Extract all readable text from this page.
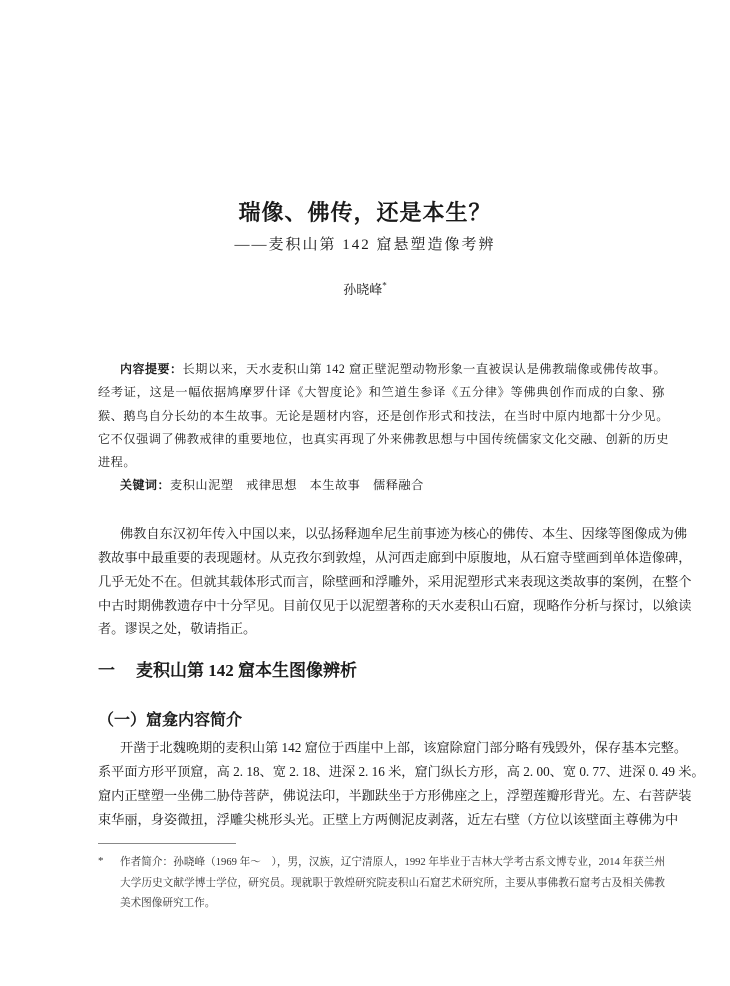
瑞像、佛传，还是本生？
——麦积山第 142 窟悬塑造像考辨
孙晓峰*
内容提要：长期以来，天水麦积山第 142 窟正壁泥塑动物形象一直被误认是佛教瑞像或佛传故事。
经考证，这是一幅依据鸠摩罗什译《大智度论》和竺道生参译《五分律》等佛典创作而成的白象、猕
猴、鹅鸟自分长幼的本生故事。无论是题材内容，还是创作形式和技法，在当时中原内地都十分少见。
它不仅强调了佛教戒律的重要地位，也真实再现了外来佛教思想与中国传统儒家文化交融、创新的历史
进程。
关键词：麦积山泥塑　戒律思想　本生故事　儒释融合
佛教自东汉初年传入中国以来，以弘扬释迦牟尼生前事迹为核心的佛传、本生、因缘等图像成为佛
教故事中最重要的表现题材。从克孜尔到敦煌，从河西走廊到中原腹地，从石窟寺壁画到单体造像碑，
几乎无处不在。但就其载体形式而言，除壁画和浮雕外，采用泥塑形式来表现这类故事的案例，在整个
中古时期佛教遗存中十分罕见。目前仅见于以泥塑著称的天水麦积山石窟，现略作分析与探讨，以飨读
者。谬误之处，敬请指正。
一 麦积山第 142 窟本生图像辨析
（一）窟龛内容简介
开凿于北魏晚期的麦积山第 142 窟位于西崖中上部，该窟除窟门部分略有残毁外，保存基本完整。
系平面方形平顶窟，高 2. 18、宽 2. 18、进深 2. 16 米，窟门纵长方形，高 2. 00、宽 0. 77、进深 0. 49 米。
窟内正壁塑一坐佛二胁侍菩萨，佛说法印，半跏趺坐于方形佛座之上，浮塑莲瓣形背光。左、右菩萨装
束华丽，身姿微扭，浮雕尖桃形头光。正壁上方两侧泥皮剥落，近左右壁（方位以该壁面主尊佛为中
* 作者简介：孙晓峰（1969 年～　），男，汉族，辽宁清原人，1992 年毕业于吉林大学考古系文博专业，2014 年获兰州
大学历史文献学博士学位，研究员。现就职于敦煌研究院麦积山石窟艺术研究所，主要从事佛教石窟考古及相关佛教
美术图像研究工作。
